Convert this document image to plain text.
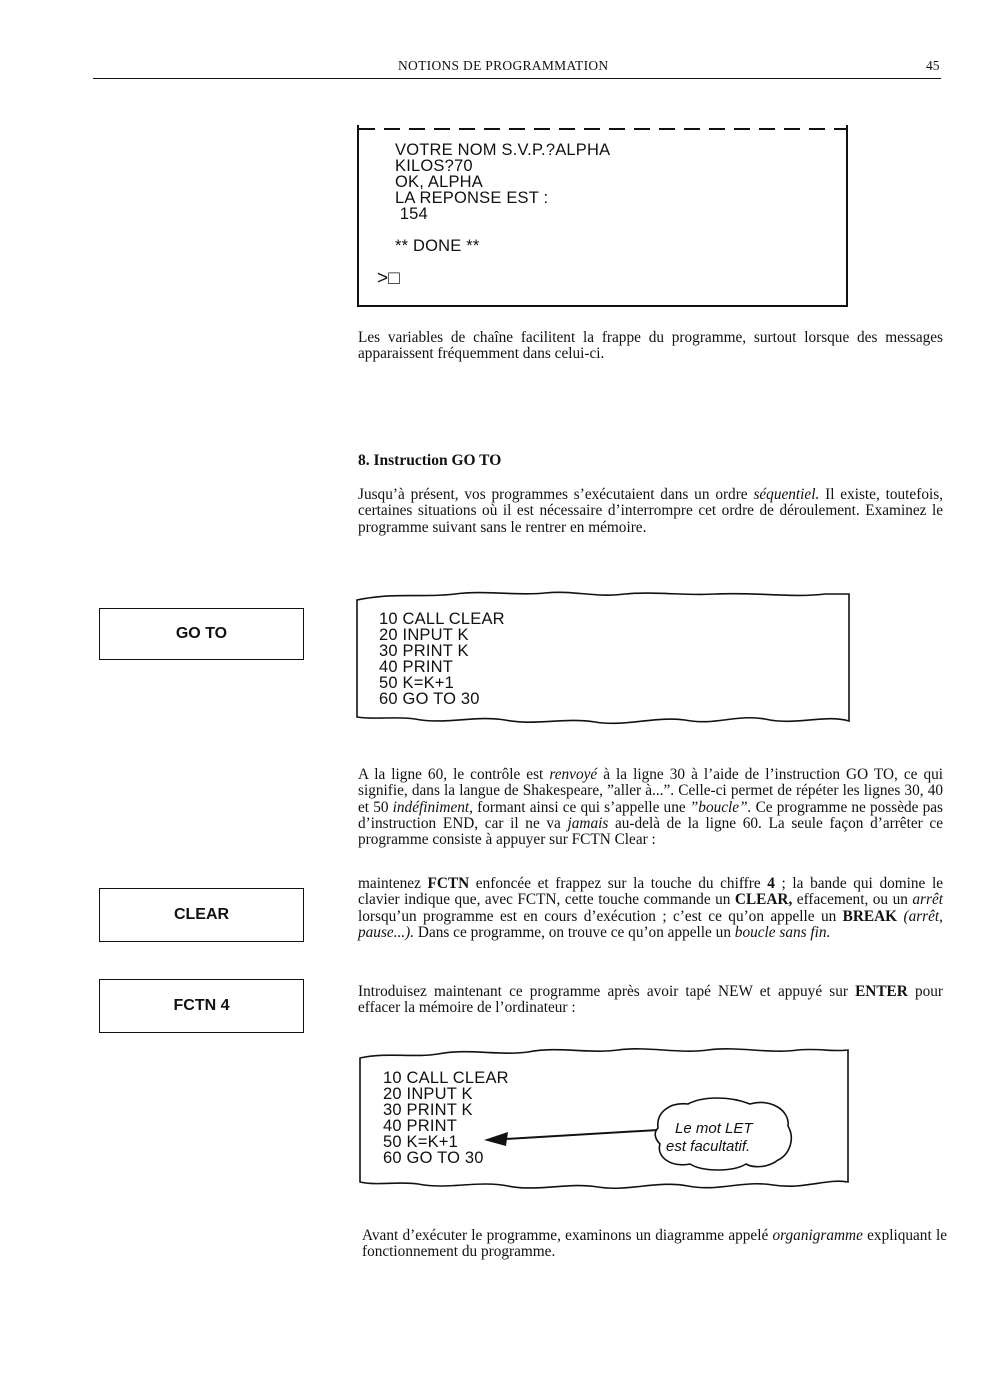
NOTIONS DE PROGRAMMATION	45
VOTRE NOM S.V.P.?ALPHA
KILOS?70
OK, ALPHA
LA REPONSE EST :
154
** DONE **
>□
Les variables de chaîne facilitent la frappe du programme, surtout lorsque des messages apparaissent fréquemment dans celui-ci.
8. Instruction GO TO
Jusqu’à présent, vos programmes s’exécutaient dans un ordre séquentiel. Il existe, toutefois, certaines situations où il est nécessaire d’interrompre cet ordre de déroulement. Examinez le programme suivant sans le rentrer en mémoire.
GO TO
10 CALL CLEAR
20 INPUT K
30 PRINT K
40 PRINT
50 K=K+1
60 GO TO 30
A la ligne 60, le contrôle est renvoyé à la ligne 30 à l’aide de l’instruction GO TO, ce qui signifie, dans la langue de Shakespeare, ”aller à...”. Celle-ci permet de répéter les lignes 30, 40 et 50 indéfiniment, formant ainsi ce qui s’appelle une ”boucle”. Ce programme ne possède pas d’instruction END, car il ne va jamais au-delà de la ligne 60. La seule façon d’arrêter ce programme consiste à appuyer sur FCTN Clear :
maintenez FCTN enfoncée et frappez sur la touche du chiffre 4 ; la bande qui domine le clavier indique que, avec FCTN, cette touche commande un CLEAR, effacement, ou un arrêt lorsqu’un programme est en cours d’exécution ; c’est ce qu’on appelle un BREAK (arrêt, pause...). Dans ce programme, on trouve ce qu’on appelle un boucle sans fin.
CLEAR
FCTN 4
Introduisez maintenant ce programme après avoir tapé NEW et appuyé sur ENTER pour effacer la mémoire de l’ordinateur :
10 CALL CLEAR
20 INPUT K
30 PRINT K
40 PRINT
50 K=K+1
60 GO TO 30
Le mot LET
est facultatif.
Avant d’exécuter le programme, examinons un diagramme appelé organigramme expliquant le fonctionnement du programme.
